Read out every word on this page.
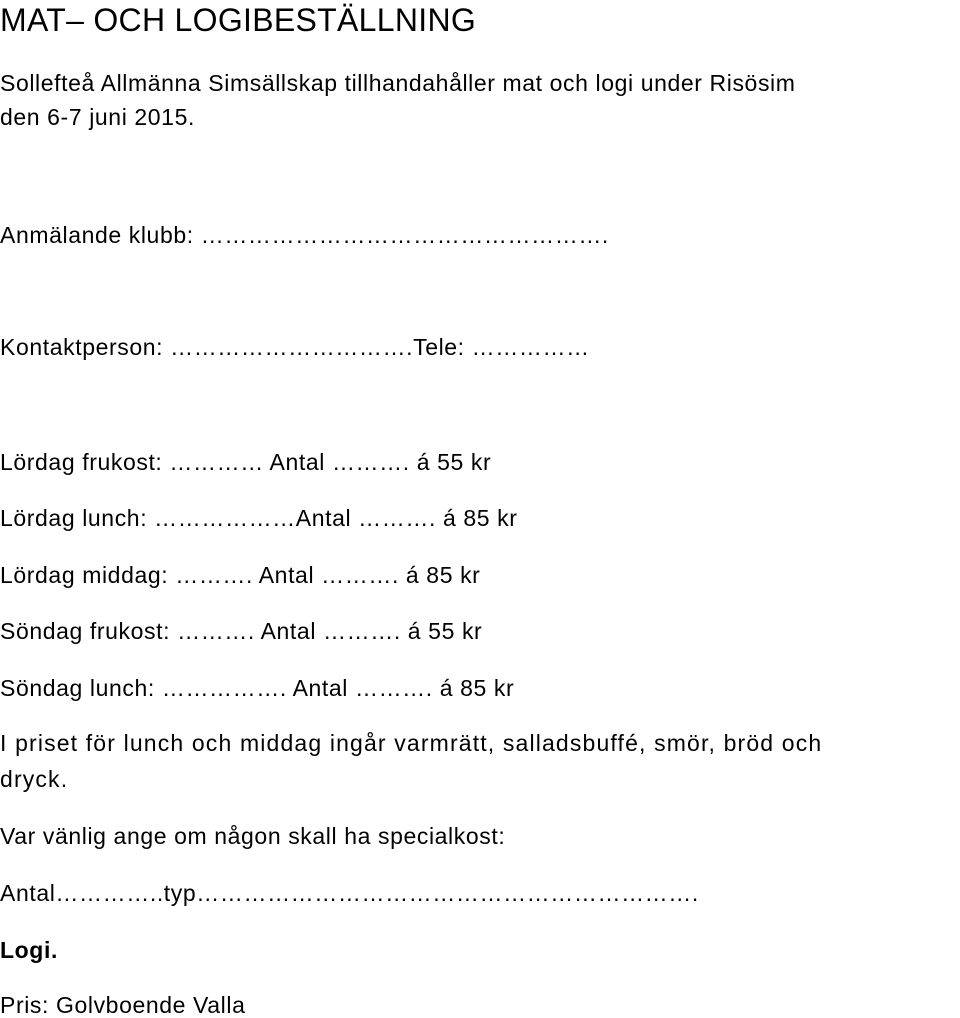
MAT– OCH LOGIBESTÄLLNING
Sollefteå Allmänna Simsällskap tillhandahåller mat och logi under Risösim
den 6-7 juni 2015.
Anmälande klubb: …………………………………………….
Kontaktperson: ………………………….Tele: ……………
Lördag frukost: ………… Antal ………. á 55 kr
Lördag lunch: ………………Antal ………. á 85 kr
Lördag middag: ………. Antal ………. á 85 kr
Söndag frukost: ………. Antal ………. á 55 kr
Söndag lunch: ……………. Antal ………. á 85 kr
I priset för lunch och middag ingår varmrätt, salladsbuffé, smör, bröd och
dryck.
Var vänlig ange om någon skall ha specialkost:
Antal…………..typ……………………………………………………….
Logi.
Pris: Golvboende Valla
